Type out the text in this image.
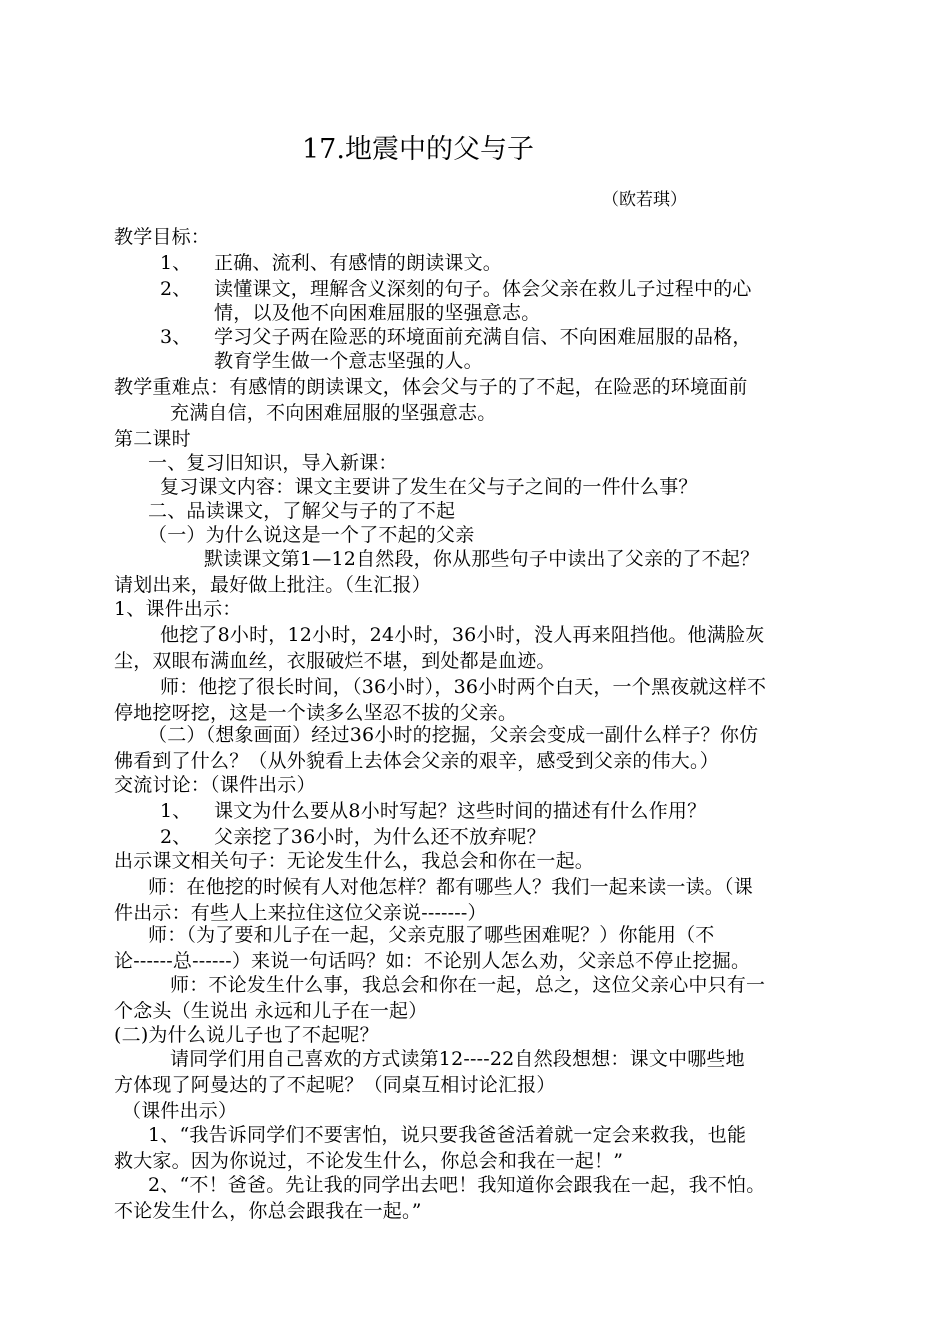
17.地震中的父与子
（欧若琪）
教学目标：
1、 正确、流利、有感情的朗读课文。
2、 读懂课文，理解含义深刻的句子。体会父亲在救儿子过程中的心
情，以及他不向困难屈服的坚强意志。
3、 学习父子两在险恶的环境面前充满自信、不向困难屈服的品格，
教育学生做一个意志坚强的人。
教学重难点：有感情的朗读课文，体会父与子的了不起，在险恶的环境面前
充满自信，不向困难屈服的坚强意志。
第二课时
一、复习旧知识，导入新课：
复习课文内容：课文主要讲了发生在父与子之间的一件什么事？
二、品读课文，了解父与子的了不起
（一）为什么说这是一个了不起的父亲
默读课文第1—12自然段，你从那些句子中读出了父亲的了不起？
请划出来，最好做上批注。（生汇报）
1、课件出示：
他挖了8小时，12小时，24小时，36小时，没人再来阻挡他。他满脸灰
尘，双眼布满血丝，衣服破烂不堪，到处都是血迹。
师：他挖了很长时间，（36小时），36小时两个白天，一个黑夜就这样不
停地挖呀挖，这是一个读多么坚忍不拔的父亲。
（二）（想象画面）经过36小时的挖掘，父亲会变成一副什么样子？你仿
佛看到了什么？（从外貌看上去体会父亲的艰辛，感受到父亲的伟大。）
交流讨论：（课件出示）
1、 课文为什么要从8小时写起？这些时间的描述有什么作用？
2、 父亲挖了36小时，为什么还不放弃呢？
出示课文相关句子：无论发生什么，我总会和你在一起。
师：在他挖的时候有人对他怎样？都有哪些人？我们一起来读一读。（课
件出示：有些人上来拉住这位父亲说-------）
师：（为了要和儿子在一起，父亲克服了哪些困难呢？）你能用（不
论------总------）来说一句话吗？如：不论别人怎么劝，父亲总不停止挖掘。
师：不论发生什么事，我总会和你在一起，总之，这位父亲心中只有一
个念头（生说出 永远和儿子在一起）
(二)为什么说儿子也了不起呢？
请同学们用自己喜欢的方式读第12----22自然段想想：课文中哪些地
方体现了阿曼达的了不起呢？（同桌互相讨论汇报）
（课件出示）
1、“我告诉同学们不要害怕，说只要我爸爸活着就一定会来救我，也能
救大家。因为你说过，不论发生什么，你总会和我在一起！”
2、“不！爸爸。先让我的同学出去吧！我知道你会跟我在一起，我不怕。
不论发生什么，你总会跟我在一起。”
